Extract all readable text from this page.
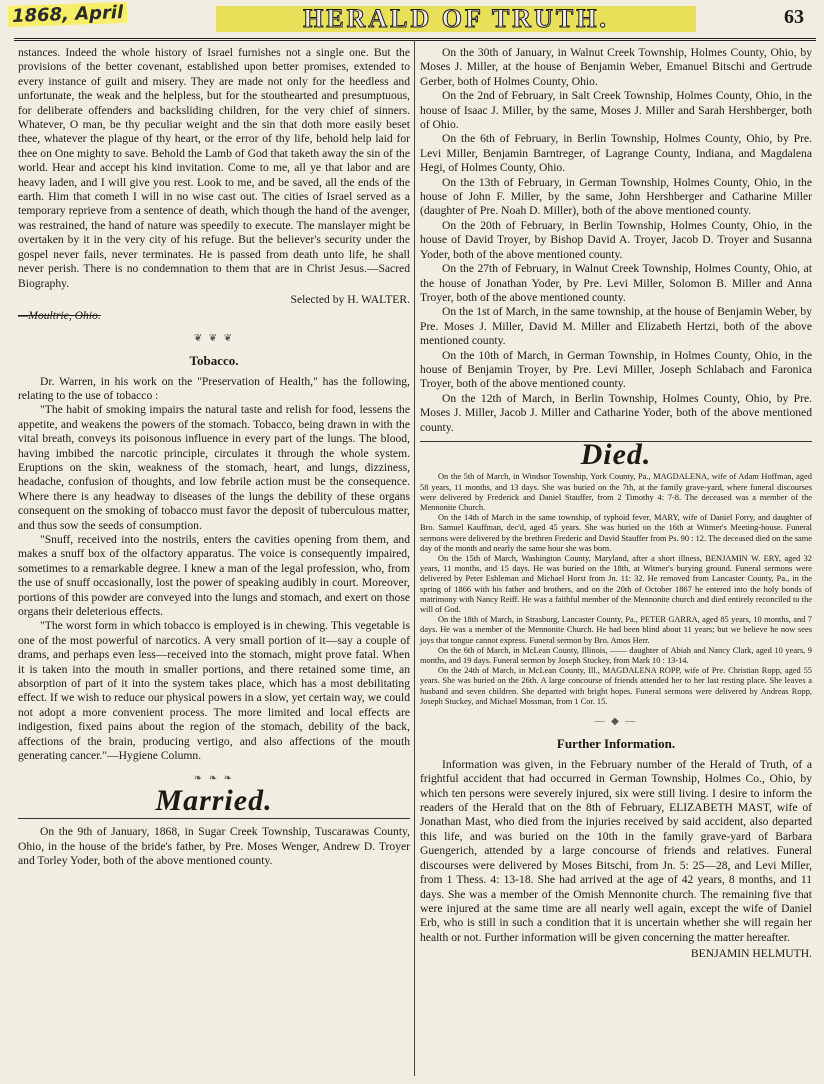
1868, April	HERALD OF TRUTH.	63

nstances. Indeed the whole history of Israel furnishes not a single one. But the provisions of the better covenant, established upon better promises, extended to every instance of guilt and misery. They are made not only for the heedless and unfortunate, the weak and the helpless, but for the stouthearted and presumptuous, for deliberate offenders and backsliding children, for the very chief of sinners. Whatever, O man, be thy peculiar weight and the sin that doth more easily beset thee, whatever the plague of thy heart, or the error of thy life, behold help laid for thee on One mighty to save. Behold the Lamb of God that taketh away the sin of the world. Hear and accept his kind invitation. Come to me, all ye that labor and are heavy laden, and I will give you rest. Look to me, and be saved, all the ends of the earth. Him that cometh I will in no wise cast out. The cities of Israel served as a temporary reprieve from a sentence of death, which though the hand of the avenger, was restrained, the hand of nature was speedily to execute. The manslayer might be overtaken by it in the very city of his refuge. But the believer's security under the gospel never fails, never terminates. He is passed from death unto life, he shall never perish. There is no condemnation to them that are in Christ Jesus.—Sacred Biography.

Selected by H. WALTER.
—Moultrie, Ohio.
❦ ❦ ❦
Tobacco.

Dr. Warren, in his work on the "Preservation of Health," has the following, relating to the use of tobacco :

"The habit of smoking impairs the natural taste and relish for food, lessens the appetite, and weakens the powers of the stomach. Tobacco, being drawn in with the vital breath, conveys its poisonous influence in every part of the lungs. The blood, having imbibed the narcotic principle, circulates it through the whole system. Eruptions on the skin, weakness of the stomach, heart, and lungs, dizziness, headache, confusion of thoughts, and low febrile action must be the consequence. Where there is any headway to diseases of the lungs the debility of these organs consequent on the smoking of tobacco must favor the deposit of tuberculous matter, and thus sow the seeds of consumption.

"Snuff, received into the nostrils, enters the cavities opening from them, and makes a snuff box of the olfactory apparatus. The voice is consequently impaired, sometimes to a remarkable degree. I knew a man of the legal profession, who, from the use of snuff occasionally, lost the power of speaking audibly in court. Moreover, portions of this powder are conveyed into the lungs and stomach, and exert on those organs their deleterious effects.

"The worst form in which tobacco is employed is in chewing. This vegetable is one of the most powerful of narcotics. A very small portion of it—say a couple of drams, and perhaps even less—received into the stomach, might prove fatal. When it is taken into the mouth in smaller portions, and there retained some time, an absorption of part of it into the system takes place, which has a most debilitating effect. If we wish to reduce our physical powers in a slow, yet certain way, we could not adopt a more convenient process. The more limited and local effects are indigestion, fixed pains about the region of the stomach, debility of the back, affections of the brain, producing vertigo, and also affections of the mouth generating cancer."—Hygiene Column.

❧ ❧ ❧
Married.

On the 9th of January, 1868, in Sugar Creek Township, Tuscarawas County, Ohio, in the house of the bride's father, by Pre. Moses Wenger, Andrew D. Troyer and Torley Yoder, both of the above mentioned county.

On the 30th of January, in Walnut Creek Township, Holmes County, Ohio, by Moses J. Miller, at the house of Benjamin Weber, Emanuel Bitschi and Gertrude Gerber, both of Holmes County, Ohio.

On the 2nd of February, in Salt Creek Township, Holmes County, Ohio, in the house of Isaac J. Miller, by the same, Moses J. Miller and Sarah Hershberger, both of Ohio.

On the 6th of February, in Berlin Township, Holmes County, Ohio, by Pre. Levi Miller, Benjamin Barntreger, of Lagrange County, Indiana, and Magdalena Hegi, of Holmes County, Ohio.

On the 13th of February, in German Township, Holmes County, Ohio, in the house of John F. Miller, by the same, John Hershberger and Catharine Miller (daughter of Pre. Noah D. Miller), both of the above mentioned county.

On the 20th of February, in Berlin Township, Holmes County, Ohio, in the house of David Troyer, by Bishop David A. Troyer, Jacob D. Troyer and Susanna Yoder, both of the above mentioned county.

On the 27th of February, in Walnut Creek Township, Holmes County, Ohio, at the house of Jonathan Yoder, by Pre. Levi Miller, Solomon B. Miller and Anna Troyer, both of the above mentioned county.

On the 1st of March, in the same township, at the house of Benjamin Weber, by Pre. Moses J. Miller, David M. Miller and Elizabeth Hertzi, both of the above mentioned county.

On the 10th of March, in German Township, in Holmes County, Ohio, in the house of Benjamin Troyer, by Pre. Levi Miller, Joseph Schlabach and Faronica Troyer, both of the above mentioned county.

On the 12th of March, in Berlin Township, Holmes County, Ohio, by Pre. Moses J. Miller, Jacob J. Miller and Catharine Yoder, both of the above mentioned county.

Died.

On the 5th of March, in Windsor Township, York County, Pa., MAGDALENA, wife of Adam Hoffman, aged 58 years, 11 months, and 13 days. She was buried on the 7th, at the family grave-yard, where funeral discourses were delivered by Frederick and Daniel Stauffer, from 2 Timothy 4: 7-8. The deceased was a member of the Mennonite Church.

On the 14th of March in the same township, of typhoid fever, MARY, wife of Daniel Forry, and daughter of Bro. Samuel Kauffman, dec'd, aged 45 years. She was buried on the 16th at Witmer's Meeting-house. Funeral sermons were delivered by the brethren Frederic and David Stauffer from Ps. 90 : 12. The deceased died on the same day of the month and nearly the same hour she was born.

On the 15th of March, Washington County, Maryland, after a short illness, BENJAMIN W. ERY, aged 32 years, 11 months, and 15 days. He was buried on the 18th, at Witmer's burying ground. Funeral sermons were delivered by Peter Eshleman and Michael Horst from Jn. 11: 32. He removed from Lancaster County, Pa., in the spring of 1866 with his father and brothers, and on the 20th of October 1867 he entered into the holy bonds of matrimony with Nancy Reiff. He was a faithful member of the Mennonite church and died entirely reconciled to the will of God.

On the 18th of March, in Strasburg, Lancaster County, Pa., PETER GARRA, aged 85 years, 10 months, and 7 days. He was a member of the Mennonite Church. He had been blind about 11 years; but we believe he now sees joys that tongue cannot express. Funeral sermon by Bro. Amos Herr.

On the 6th of March, in McLean County, Illinois, —— daughter of Abiah and Nancy Clark, aged 10 years, 9 months, and 19 days. Funeral sermon by Joseph Stuckey, from Mark 10 : 13-14.

On the 24th of March, in McLean County, Ill., MAGDALENA ROPP, wife of Pre. Christian Ropp, aged 55 years. She was buried on the 26th. A large concourse of friends attended her to her last resting place. She leaves a husband and seven children. She departed with bright hopes. Funeral sermons were delivered by Andreas Ropp, Joseph Stuckey, and Michael Mossman, from 1 Cor. 15.

— ◆ —
Further Information.

Information was given, in the February number of the Herald of Truth, of a frightful accident that had occurred in German Township, Holmes Co., Ohio, by which ten persons were severely injured, six were still living. I desire to inform the readers of the Herald that on the 8th of February, ELIZABETH MAST, wife of Jonathan Mast, who died from the injuries received by said accident, also departed this life, and was buried on the 10th in the family grave-yard of Barbara Guengerich, attended by a large concourse of friends and relatives. Funeral discourses were delivered by Moses Bitschi, from Jn. 5: 25—28, and Levi Miller, from 1 Thess. 4: 13-18. She had arrived at the age of 42 years, 8 months, and 11 days. She was a member of the Omish Mennonite church. The remaining five that were injured at the same time are all nearly well again, except the wife of Daniel Erb, who is still in such a condition that it is uncertain whether she will regain her health or not. Further information will be given concerning the matter hereafter.

BENJAMIN HELMUTH.
